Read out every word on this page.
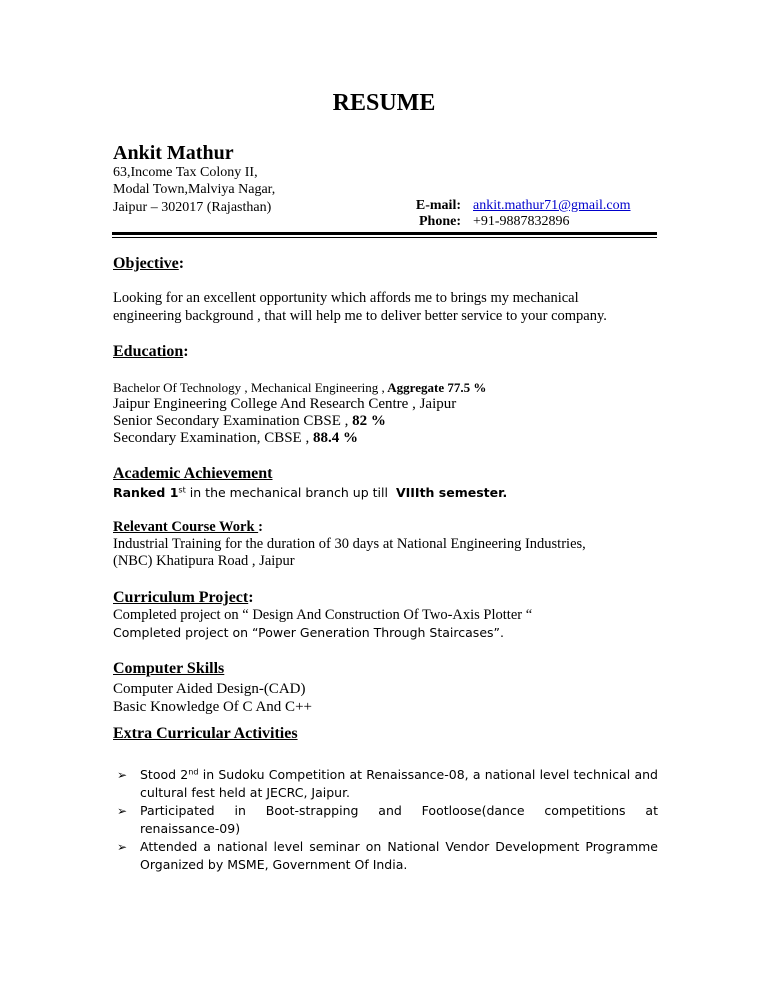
RESUME
Ankit Mathur
63,Income Tax Colony II,
Modal Town,Malviya Nagar,
Jaipur – 302017 (Rajasthan)	E-mail: ankit.mathur71@gmail.com
Phone: +91-9887832896
Objective:
Looking for an excellent opportunity which affords me to brings my mechanical
engineering background , that will help me to deliver better service to your company.
Education:
Bachelor Of Technology , Mechanical Engineering , Aggregate 77.5 %
Jaipur Engineering College And Research Centre , Jaipur
Senior Secondary Examination CBSE , 82 %
Secondary Examination, CBSE , 88.4 %
Academic Achievement
Ranked 1st in the mechanical branch up till VIIIth semester.
Relevant Course Work :
Industrial Training for the duration of 30 days at National Engineering Industries,
(NBC) Khatipura Road , Jaipur
Curriculum Project:
Completed project on “ Design And Construction Of Two-Axis Plotter “
Completed project on “Power Generation Through Staircases”.
Computer Skills
Computer Aided Design-(CAD)
Basic Knowledge Of C And C++
Extra Curricular Activities
➢ Stood 2nd in Sudoku Competition at Renaissance-08, a national level technical and cultural fest held at JECRC, Jaipur.
➢ Participated in Boot-strapping and Footloose(dance competitions at
renaissance-09)
➢ Attended a national level seminar on National Vendor Development Programme Organized by MSME, Government Of India.
